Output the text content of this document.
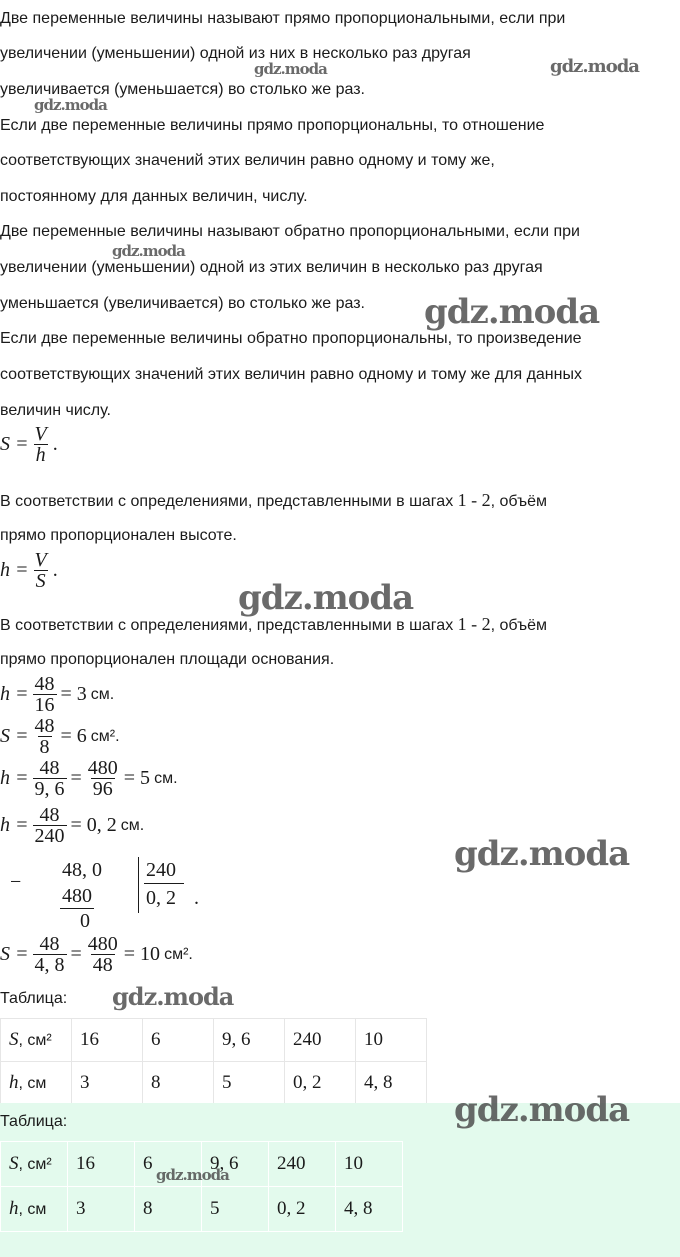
Две переменные величины называют прямо пропорциональными, если при
увеличении (уменьшении) одной из них в несколько раз другая
увеличивается (уменьшается) во столько же раз.
Если две переменные величины прямо пропорциональны, то отношение
соответствующих значений этих величин равно одному и тому же,
постоянному для данных величин, числу.
Две переменные величины называют обратно пропорциональными, если при
увеличении (уменьшении) одной из этих величин в несколько раз другая
уменьшается (увеличивается) во столько же раз.
Если две переменные величины обратно пропорциональны, то произведение
соответствующих значений этих величин равно одному и тому же для данных
величин числу.
$S = \frac{V}{h}$ .
В соответствии с определениями, представленными в шагах 1 - 2, объём
прямо пропорционален высоте.
$h = \frac{V}{S}$ .
В соответствии с определениями, представленными в шагах 1 - 2, объём
прямо пропорционален площади основания.
$h = \frac{48}{16} = 3$ см.
$S = \frac{48}{8} = 6$ см².
$h = \frac{48}{9, 6} = \frac{480}{96} = 5$ см.
$h = \frac{48}{240} = 0$, 2 см.
−
48, 0
480
0
240
0, 2 .
$S = \frac{48}{4, 8} = \frac{480}{48} = 10$ см².
Таблица:
S, см²	16	6	9, 6	240	10
h, см	3	8	5	0, 2	4, 8
Таблица:
S, см²	16	6	9, 6	240	10
h, см	3	8	5	0, 2	4, 8
gdz.moda	gdz.moda
gdz.moda
gdz.moda
gdz.moda
gdz.moda
gdz.moda
gdz.moda
gdz.moda
gdz.moda
